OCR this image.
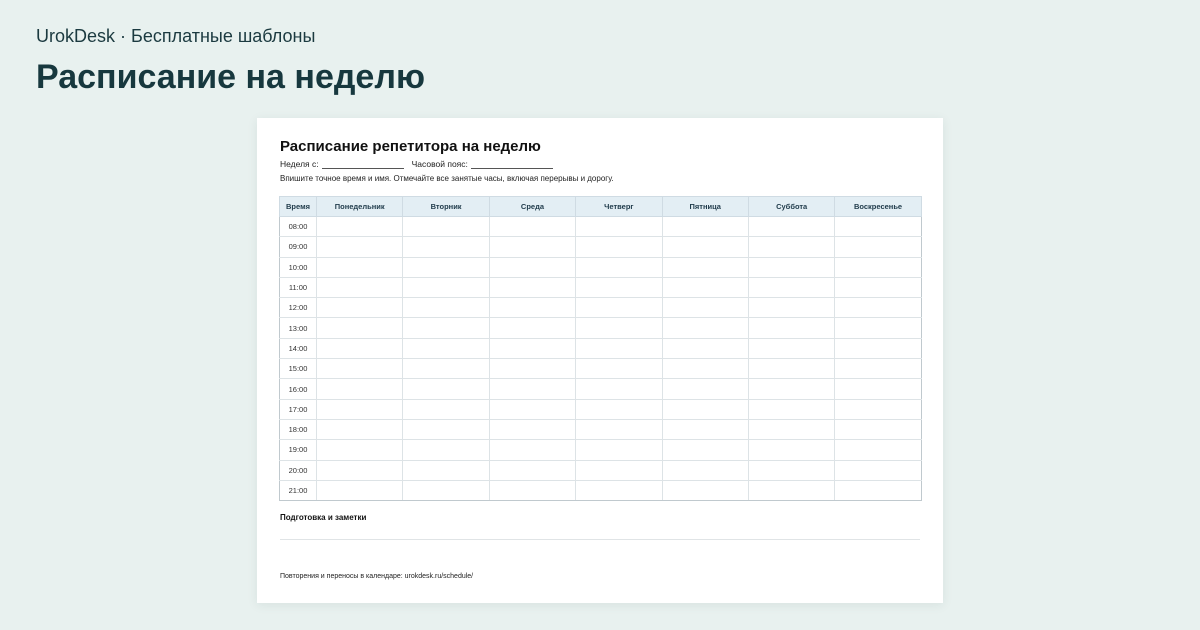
UrokDesk · Бесплатные шаблоны
Расписание на неделю
Расписание репетитора на неделю
Неделя с:	Часовой пояс:
Впишите точное время и имя. Отмечайте все занятые часы, включая перерывы и дорогу.
Время	Понедельник	Вторник	Среда	Четверг	Пятница	Суббота	Воскресенье
08:00							
09:00							
10:00							
11:00							
12:00							
13:00							
14:00							
15:00							
16:00							
17:00							
18:00							
19:00							
20:00							
21:00							
Подготовка и заметки
Повторения и переносы в календаре: urokdesk.ru/schedule/
